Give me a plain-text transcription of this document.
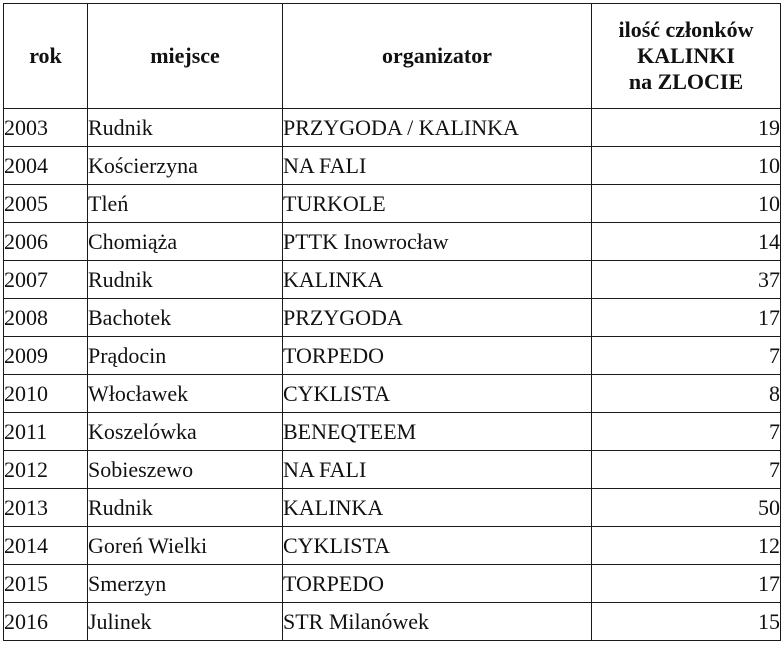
rok	miejsce	organizator	ilość członków
KALINKI
na ZLOCIE

2003	Rudnik	PRZYGODA / KALINKA	19
2004	Kościerzyna	NA FALI	10
2005	Tleń	TURKOLE	10
2006	Chomiąża	PTTK Inowrocław	14
2007	Rudnik	KALINKA	37
2008	Bachotek	PRZYGODA	17
2009	Prądocin	TORPEDO	7
2010	Włocławek	CYKLISTA	8
2011	Koszelówka	BENEQTEEM	7
2012	Sobieszewo	NA FALI	7
2013	Rudnik	KALINKA	50
2014	Goreń Wielki	CYKLISTA	12
2015	Smerzyn	TORPEDO	17
2016	Julinek	STR Milanówek	15
